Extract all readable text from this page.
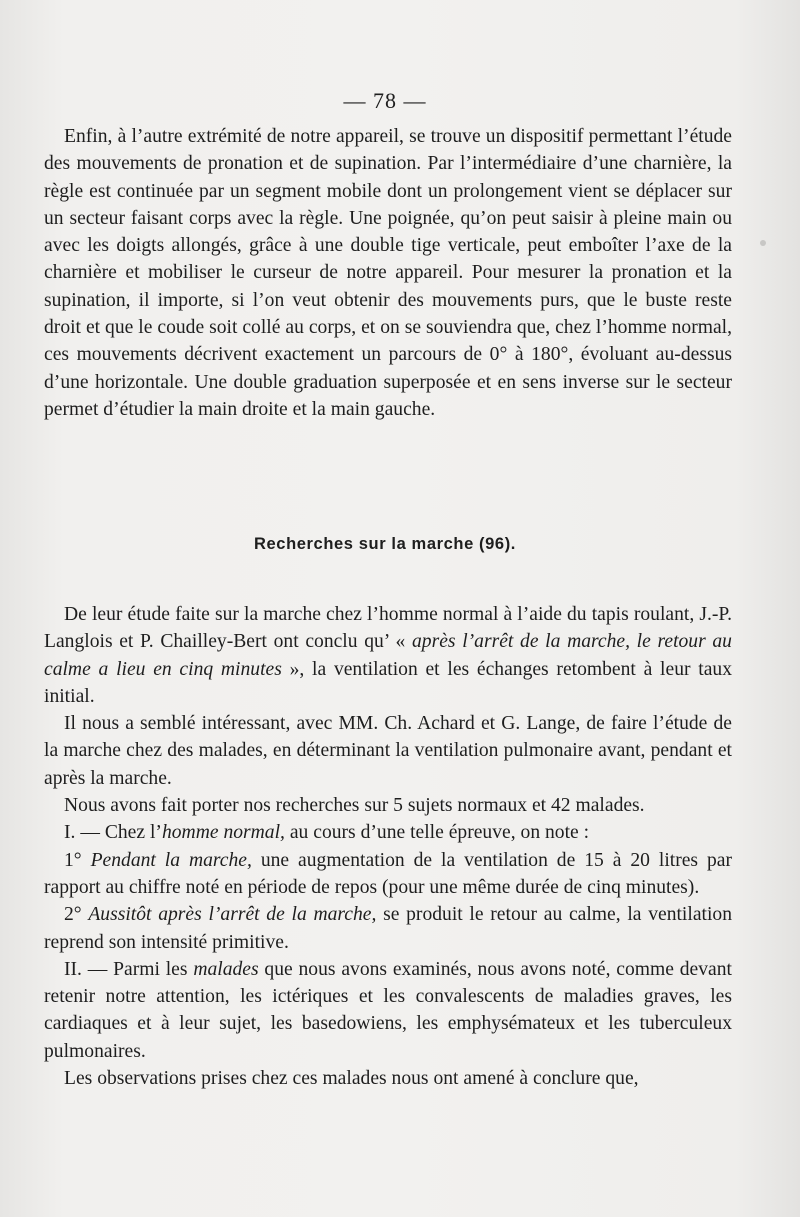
— 78 —

Enfin, à l’autre extrémité de notre appareil, se trouve un dispositif permettant l’étude des mouvements de pronation et de supination. Par l’intermédiaire d’une charnière, la règle est continuée par un segment mobile dont un prolongement vient se déplacer sur un secteur faisant corps avec la règle. Une poignée, qu’on peut saisir à pleine main ou avec les doigts allongés, grâce à une double tige verticale, peut emboîter l’axe de la charnière et mobiliser le curseur de notre appareil. Pour mesurer la pronation et la supination, il importe, si l’on veut obtenir des mouvements purs, que le buste reste droit et que le coude soit collé au corps, et on se souviendra que, chez l’homme normal, ces mouvements décrivent exactement un parcours de 0° à 180°, évoluant au-dessus d’une horizontale. Une double graduation superposée et en sens inverse sur le secteur permet d’étudier la main droite et la main gauche.

Recherches sur la marche (96).

De leur étude faite sur la marche chez l’homme normal à l’aide du tapis roulant, J.-P. Langlois et P. Chailley-Bert ont conclu qu’ « après l’arrêt de la marche, le retour au calme a lieu en cinq minutes », la ventilation et les échanges retombent à leur taux initial.

Il nous a semblé intéressant, avec MM. Ch. Achard et G. Lange, de faire l’étude de la marche chez des malades, en déterminant la ventilation pulmonaire avant, pendant et après la marche.

Nous avons fait porter nos recherches sur 5 sujets normaux et 42 malades.

I. — Chez l’homme normal, au cours d’une telle épreuve, on note :

1° Pendant la marche, une augmentation de la ventilation de 15 à 20 litres par rapport au chiffre noté en période de repos (pour une même durée de cinq minutes).

2° Aussitôt après l’arrêt de la marche, se produit le retour au calme, la ventilation reprend son intensité primitive.

II. — Parmi les malades que nous avons examinés, nous avons noté, comme devant retenir notre attention, les ictériques et les convalescents de maladies graves, les cardiaques et à leur sujet, les basedowiens, les emphysémateux et les tuberculeux pulmonaires.

Les observations prises chez ces malades nous ont amené à conclure que,
